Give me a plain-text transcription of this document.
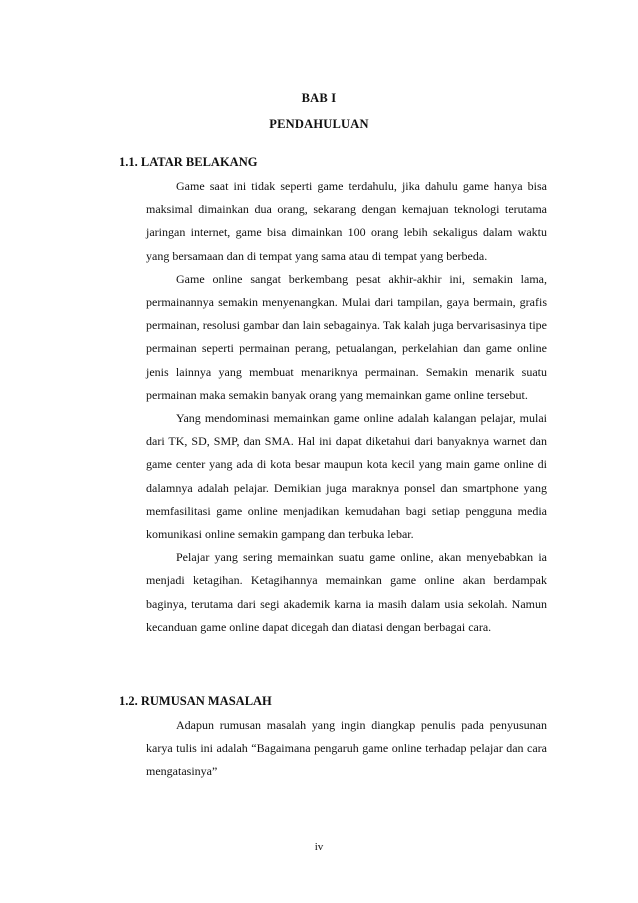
BAB I
PENDAHULUAN
1.1. LATAR BELAKANG

Game saat ini tidak seperti game terdahulu, jika dahulu game hanya bisa maksimal dimainkan dua orang, sekarang dengan kemajuan teknologi terutama jaringan internet, game bisa dimainkan 100 orang lebih sekaligus dalam waktu yang bersamaan dan di tempat yang sama atau di tempat yang berbeda.

Game online sangat berkembang pesat akhir-akhir ini, semakin lama, permainannya semakin menyenangkan. Mulai dari tampilan, gaya bermain, grafis permainan, resolusi gambar dan lain sebagainya. Tak kalah juga bervarisasinya tipe permainan seperti permainan perang, petualangan, perkelahian dan game online jenis lainnya yang membuat menariknya permainan. Semakin menarik suatu permainan maka semakin banyak orang yang memainkan game online tersebut.

Yang mendominasi memainkan game online adalah kalangan pelajar, mulai dari TK, SD, SMP, dan SMA. Hal ini dapat diketahui dari banyaknya warnet dan game center yang ada di kota besar maupun kota kecil yang main game online di dalamnya adalah pelajar. Demikian juga maraknya ponsel dan smartphone yang memfasilitasi game online menjadikan kemudahan bagi setiap pengguna media komunikasi online semakin gampang dan terbuka lebar.

Pelajar yang sering memainkan suatu game online, akan menyebabkan ia menjadi ketagihan. Ketagihannya memainkan game online akan berdampak baginya, terutama dari segi akademik karna ia masih dalam usia sekolah. Namun kecanduan game online dapat dicegah dan diatasi dengan berbagai cara.

1.2. RUMUSAN MASALAH

Adapun rumusan masalah yang ingin diangkap penulis pada penyusunan karya tulis ini adalah “Bagaimana pengaruh game online terhadap pelajar dan cara mengatasinya”

iv
